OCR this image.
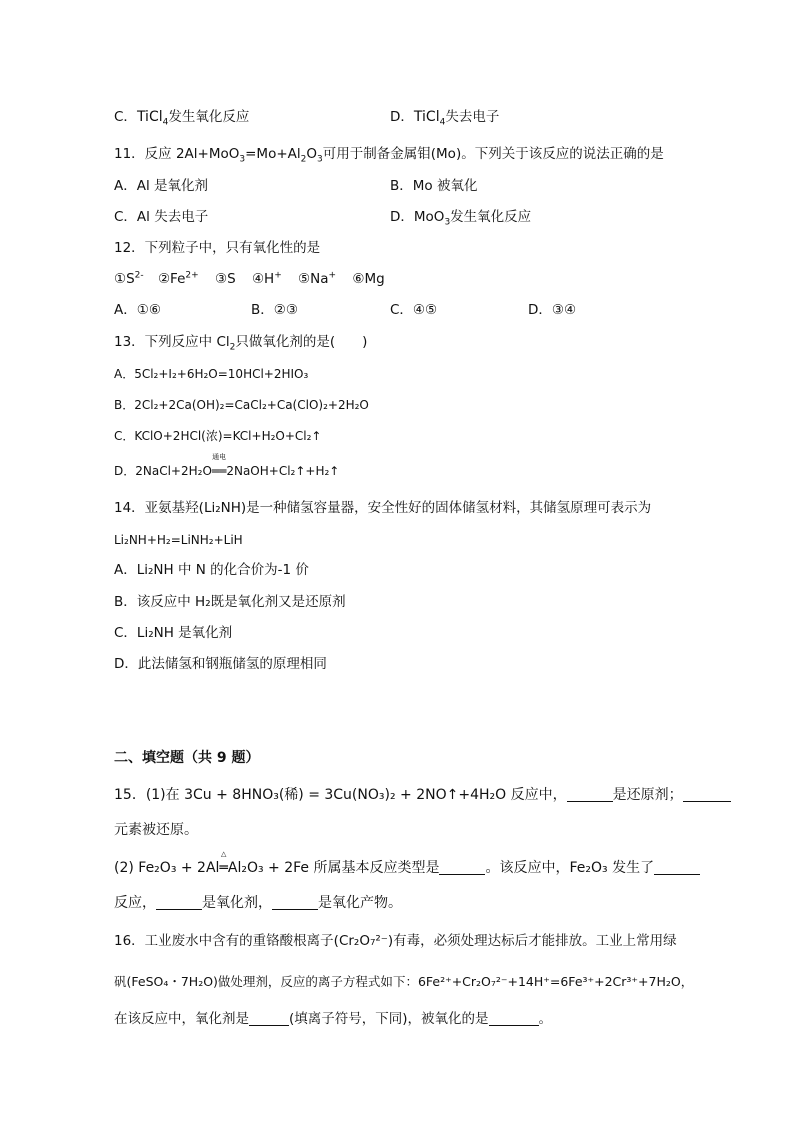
C．TiCl$_4$发生氧化反应	D．TiCl$_4$失去电子
11．反应 $2Al+MoO_3=Mo+Al_2O_3$可用于制备金属钼(Mo)。下列关于该反应的说法正确的是
A．Al 是氧化剂	B．Mo 被氧化
C．Al 失去电子	D．MoO$_3$发生氧化反应
12．下列粒子中，只有氧化性的是
$①S^{2-}$ $②Fe^{2+}$ ③S ④H+ ⑤Na+ ⑥Mg
A．①⑥	B．②③	C．④⑤	D．③④
13．下列反应中 $Cl_2$只做氧化剂的是(　　)
A．5Cl₂+I₂+6H₂O=10HCl+2HIO₃
B．2Cl₂+2Ca(OH)₂=CaCl₂+Ca(ClO)₂+2H₂O
C．KClO+2HCl(浓)=KCl+H₂O+Cl₂↑
D．2NaCl+2H₂O
通电
══2NaOH+Cl₂↑+H₂↑
14．亚氨基羟(Li₂NH)是一种储氢容量器，安全性好的固体储氢材料，其储氢原理可表示为
Li₂NH+H₂=LiNH₂+LiH
A．Li₂NH 中 N 的化合价为-1 价
B．该反应中 H₂既是氧化剂又是还原剂
C．Li₂NH 是氧化剂
D．此法储氢和钢瓶储氢的原理相同
二、填空题（共 9 题）
15．(1)在 3Cu + 8HNO₃(稀) = 3Cu(NO₃)₂ + 2NO↑+4H₂O 反应中，	是还原剂；
元素被还原。
(2) Fe₂O₃ + 2Al
△
═Al₂O₃ + 2Fe 所属基本反应类型是	。该反应中，Fe₂O₃ 发生了
反应，	是氧化剂，	是氧化产物。
16．工业废水中含有的重铬酸根离子(Cr₂O₇²⁻)有毒，必须处理达标后才能排放。工业上常用绿
矾(FeSO₄・7H₂O)做处理剂，反应的离子方程式如下：6Fe²⁺+Cr₂O₇²⁻+14H⁺=6Fe³⁺+2Cr³⁺+7H₂O，
在该反应中，氧化剂是	(填离子符号，下同)，被氧化的是	。
